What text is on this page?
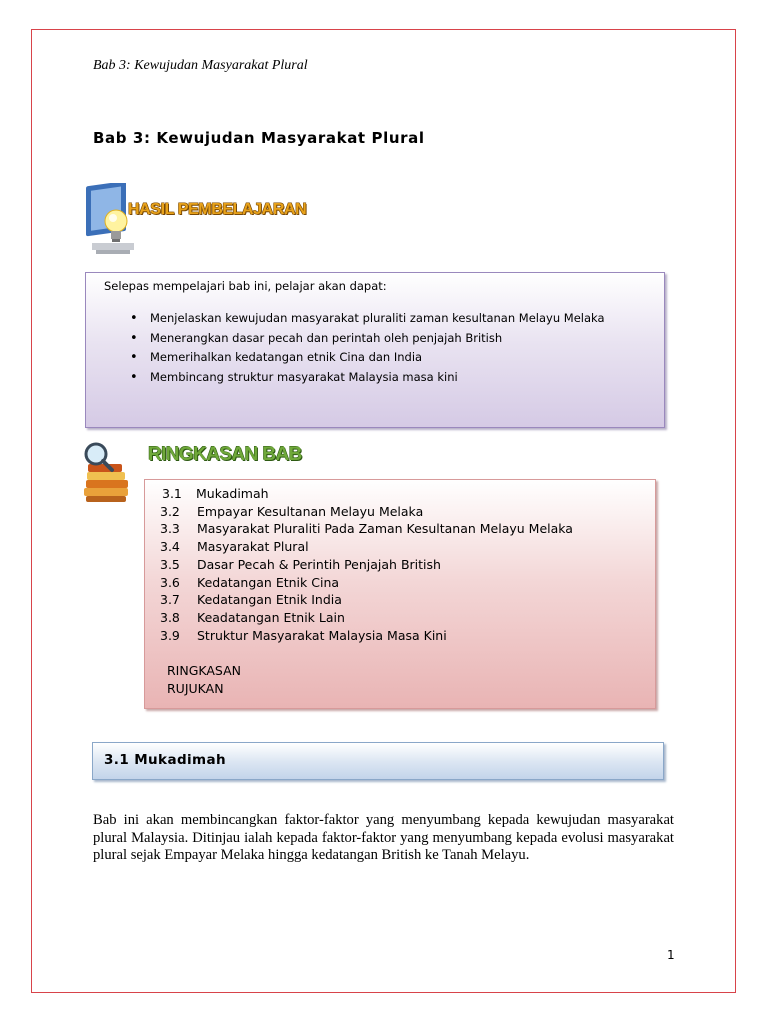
Bab 3: Kewujudan Masyarakat Plural
Bab 3: Kewujudan Masyarakat Plural
HASIL PEMBELAJARAN
Selepas mempelajari bab ini, pelajar akan dapat:
• Menjelaskan kewujudan masyarakat pluraliti zaman kesultanan Melayu Melaka
• Menerangkan dasar pecah dan perintah oleh penjajah British
• Memerihalkan kedatangan etnik Cina dan India
• Membincang struktur masyarakat Malaysia masa kini
RINGKASAN BAB
3.1 Mukadimah
3.2 Empayar Kesultanan Melayu Melaka
3.3 Masyarakat Pluraliti Pada Zaman Kesultanan Melayu Melaka
3.4 Masyarakat Plural
3.5 Dasar Pecah & Perintih Penjajah British
3.6 Kedatangan Etnik Cina
3.7 Kedatangan Etnik India
3.8 Keadatangan Etnik Lain
3.9 Struktur Masyarakat Malaysia Masa Kini
RINGKASAN
RUJUKAN
3.1 Mukadimah
Bab ini akan membincangkan faktor-faktor yang menyumbang kepada kewujudan masyarakat plural Malaysia. Ditinjau ialah kepada faktor-faktor yang menyumbang kepada evolusi masyarakat plural sejak Empayar Melaka hingga kedatangan British ke Tanah Melayu.
1
